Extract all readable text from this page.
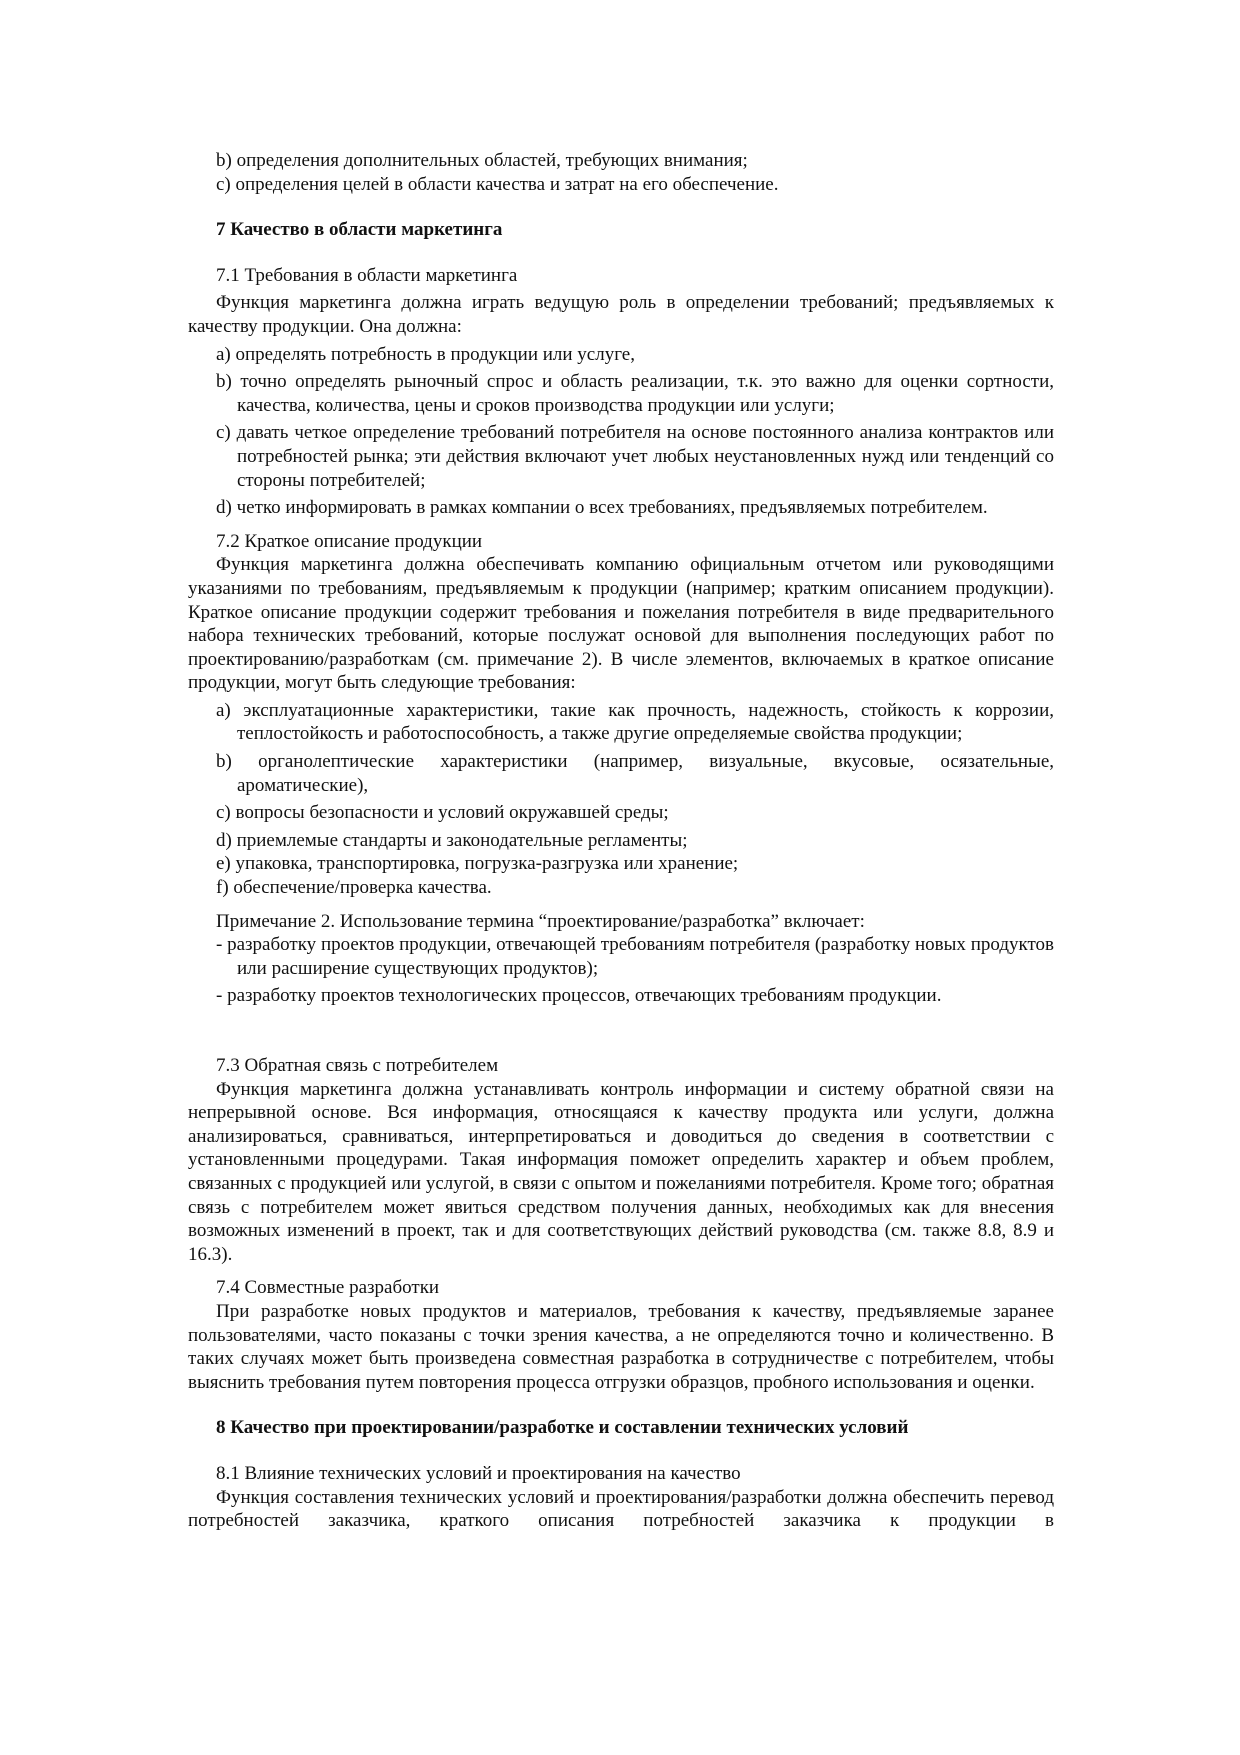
b) определения дополнительных областей, требующих внимания;

c) определения целей в области качества и затрат на его обеспечение.

7 Качество в области маркетинга

7.1 Требования в области маркетинга

Функция маркетинга должна играть ведущую роль в определении требований; предъявляемых к качеству продукции. Она должна:

a) определять потребность в продукции или услуге,

b) точно определять рыночный спрос и область реализации, т.к. это важно для оценки сортности, качества, количества, цены и сроков производства продукции или услуги;

c) давать четкое определение требований потребителя на основе постоянного анализа контрактов или потребностей рынка; эти действия включают учет любых неустановленных нужд или тенденций со стороны потребителей;

d) четко информировать в рамках компании о всех требованиях, предъявляемых потребителем.

7.2 Краткое описание продукции

Функция маркетинга должна обеспечивать компанию официальным отчетом или руководящими указаниями по требованиям, предъявляемым к продукции (например; кратким описанием продукции). Краткое описание продукции содержит требования и пожелания потребителя в виде предварительного набора технических требований, которые послужат основой для выполнения последующих работ по проектированию/разработкам (см. примечание 2). В числе элементов, включаемых в краткое описание продукции, могут быть следующие требования:

a) эксплуатационные характеристики, такие как прочность, надежность, стойкость к коррозии, теплостойкость и работоспособность, а также другие определяемые свойства продукции;

b) органолептические характеристики (например, визуальные, вкусовые, осязательные, ароматические),

c) вопросы безопасности и условий окружавшей среды;

d) приемлемые стандарты и законодательные регламенты;

e) упаковка, транспортировка, погрузка-разгрузка или хранение;

f) обеспечение/проверка качества.

Примечание 2. Использование термина “проектирование/разработка” включает:

- разработку проектов продукции, отвечающей требованиям потребителя (разработку новых продуктов или расширение существующих продуктов);

- разработку проектов технологических процессов, отвечающих требованиям продукции.

7.3 Обратная связь с потребителем

Функция маркетинга должна устанавливать контроль информации и систему обратной связи на непрерывной основе. Вся информация, относящаяся к качеству продукта или услуги, должна анализироваться, сравниваться, интерпретироваться и доводиться до сведения в соответствии с установленными процедурами. Такая информация поможет определить характер и объем проблем, связанных с продукцией или услугой, в связи с опытом и пожеланиями потребителя. Кроме того; обратная связь с потребителем может явиться средством получения данных, необходимых как для внесения возможных изменений в проект, так и для соответствующих действий руководства (см. также 8.8, 8.9 и 16.3).

7.4 Совместные разработки

При разработке новых продуктов и материалов, требования к качеству, предъявляемые заранее пользователями, часто показаны с точки зрения качества, а не определяются точно и количественно. В таких случаях может быть произведена совместная разработка в сотрудничестве с потребителем, чтобы выяснить требования путем повторения процесса отгрузки образцов, пробного использования и оценки.

8 Качество при проектировании/разработке и составлении технических условий

8.1 Влияние технических условий и проектирования на качество

Функция составления технических условий и проектирования/разработки должна обеспечить перевод потребностей заказчика, краткого описания потребностей заказчика к продукции в
